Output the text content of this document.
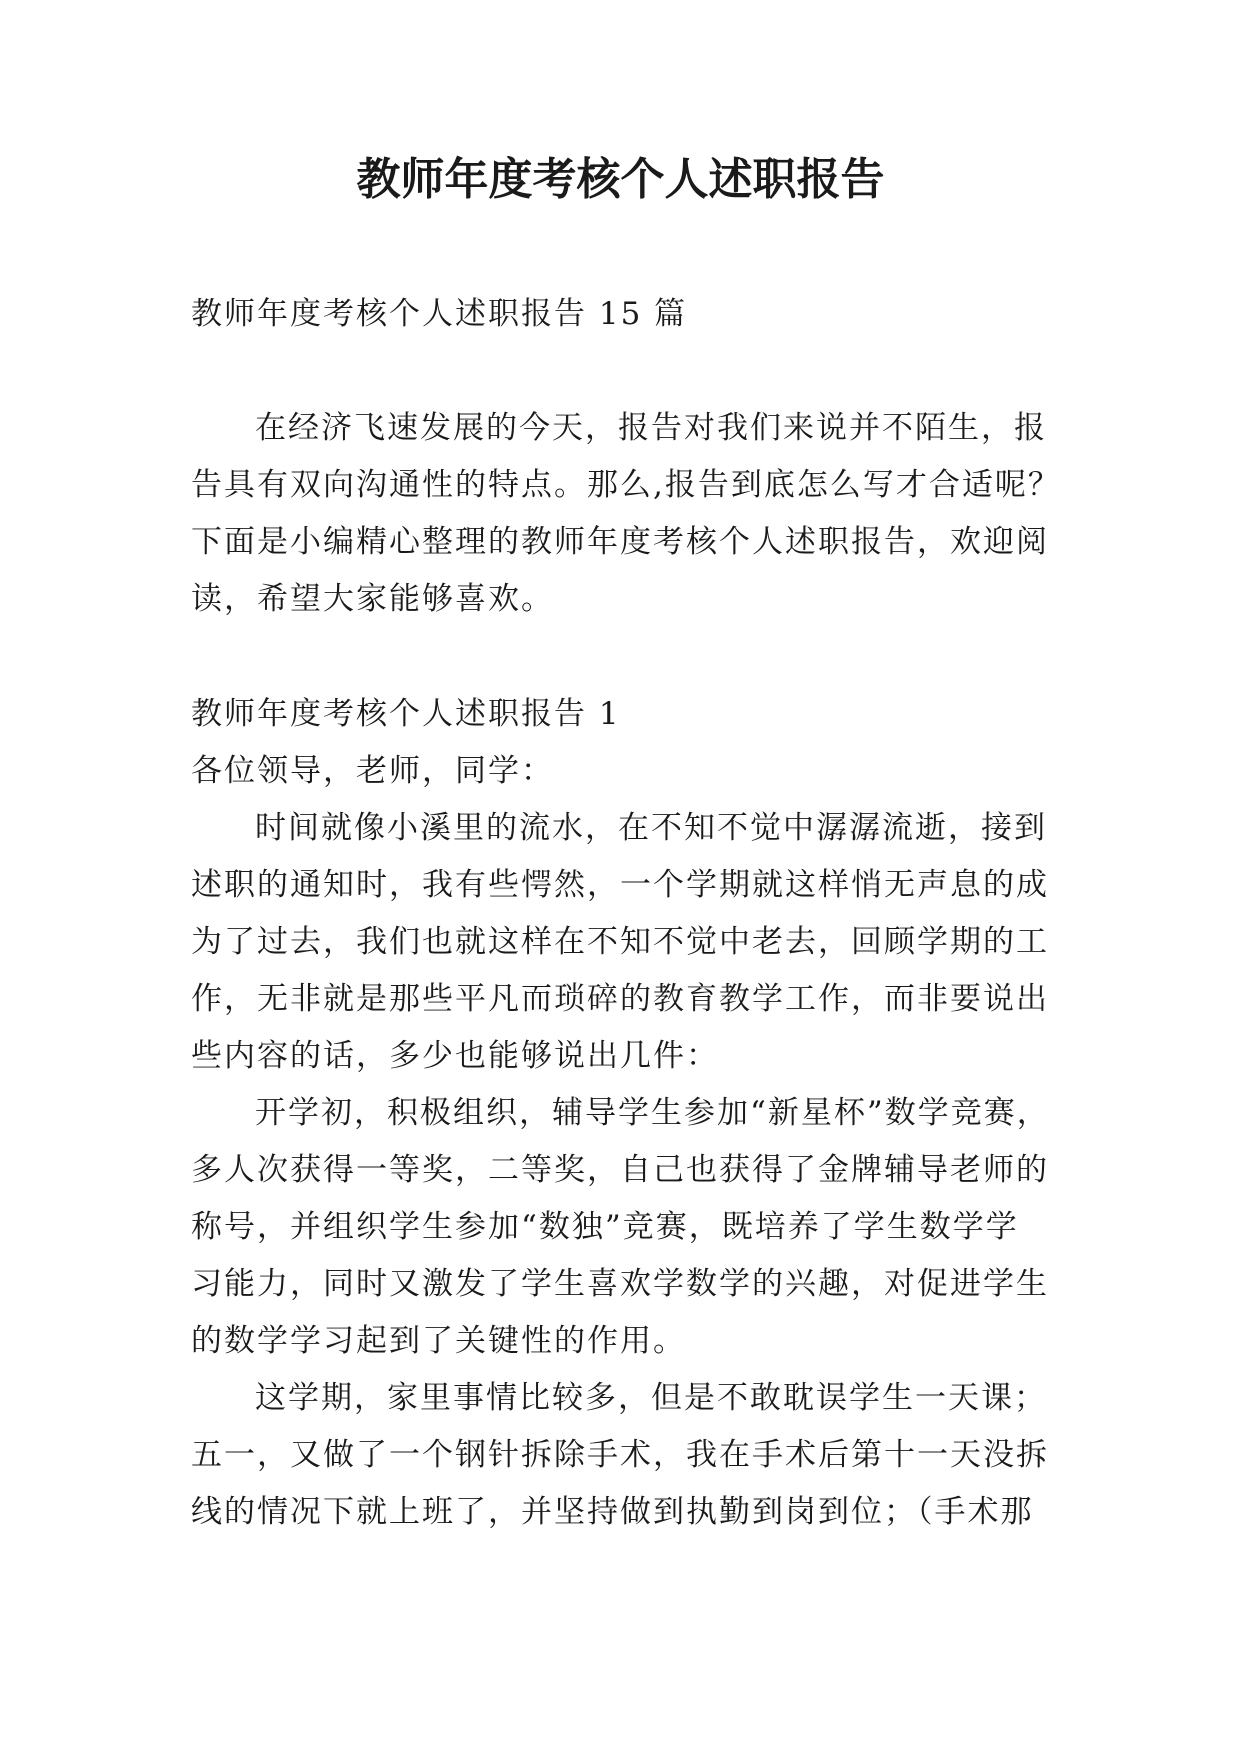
教师年度考核个人述职报告
教师年度考核个人述职报告 15 篇
在经济飞速发展的今天，报告对我们来说并不陌生，报
告具有双向沟通性的特点。那么,报告到底怎么写才合适呢？
下面是小编精心整理的教师年度考核个人述职报告，欢迎阅
读，希望大家能够喜欢。
教师年度考核个人述职报告 1
各位领导，老师，同学：
时间就像小溪里的流水，在不知不觉中潺潺流逝，接到
述职的通知时，我有些愕然，一个学期就这样悄无声息的成
为了过去，我们也就这样在不知不觉中老去，回顾学期的工
作，无非就是那些平凡而琐碎的教育教学工作，而非要说出
些内容的话，多少也能够说出几件：
开学初，积极组织，辅导学生参加“新星杯”数学竞赛，
多人次获得一等奖，二等奖，自己也获得了金牌辅导老师的
称号，并组织学生参加“数独”竞赛，既培养了学生数学学
习能力，同时又激发了学生喜欢学数学的兴趣，对促进学生
的数学学习起到了关键性的作用。
这学期，家里事情比较多，但是不敢耽误学生一天课；
五一，又做了一个钢针拆除手术，我在手术后第十一天没拆
线的情况下就上班了，并坚持做到执勤到岗到位；（手术那
